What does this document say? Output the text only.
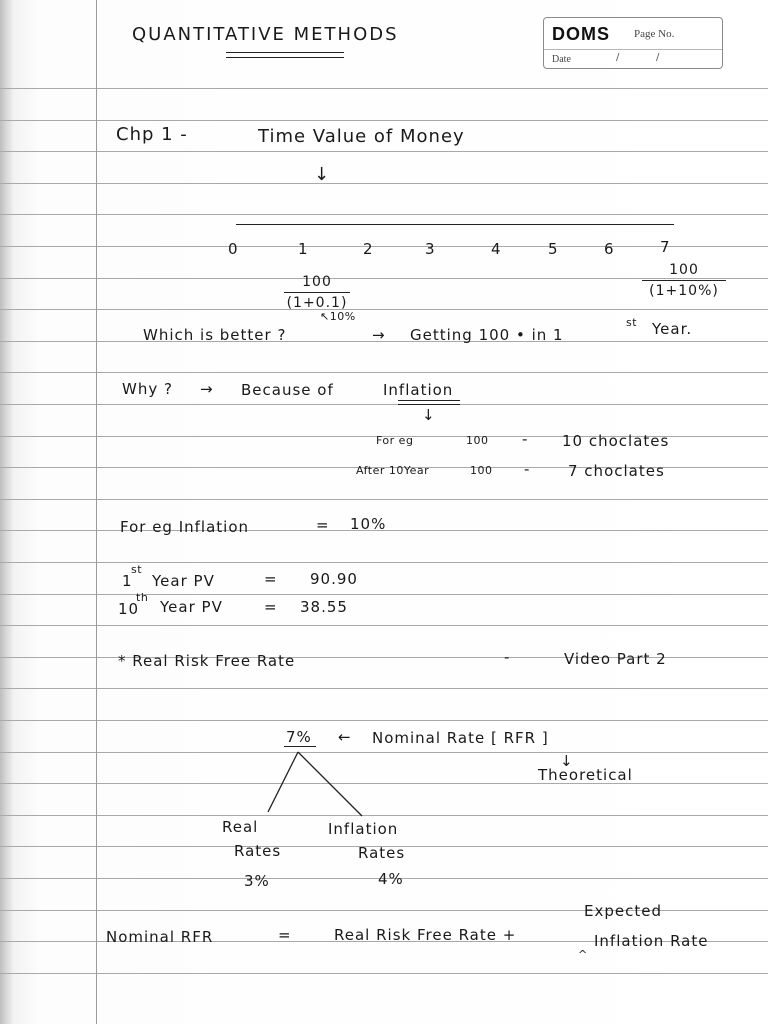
DOMS Page No.
Date	/	/
QUANTITATIVE METHODS
Chp 1 -	Time Value of Money
↓
0	1	2	3	4	5	6	7
100
(1+0.1)
↖10%
100
(1+10%)
Which is better ?	→ Getting 100 • in 1
st Year.
Why ? → Because of	Inflation
↓
For eg	100 - 10 choclates
After 10Year	100 -	7 choclates
For eg Inflation	= 10%
1
st
Year PV	= 90.90
10
th
Year PV	= 38.55
* Real Risk Free Rate	-	Video Part 2
7% ← Nominal Rate [ RFR ]
↓
Theoretical
Real
Rates
3%
Inflation
Rates
4%
Nominal RFR	=	Real Risk Free Rate +
^
Expected
Inflation Rate
